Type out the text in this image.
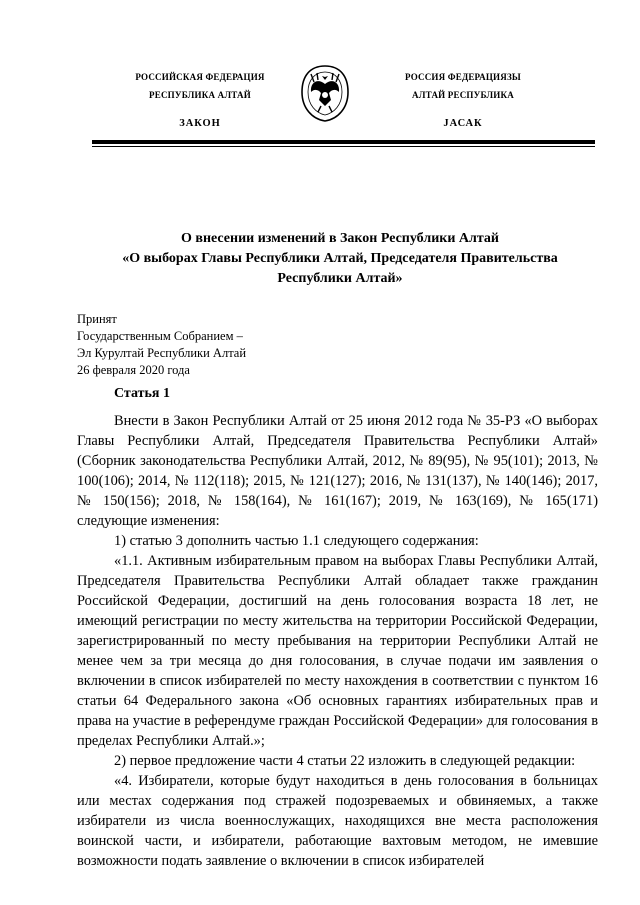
РОССИЙСКАЯ ФЕДЕРАЦИЯ
РЕСПУБЛИКА АЛТАЙ
ЗАКОН
РОССИЯ ФЕДЕРАЦИЯЗЫ
АЛТАЙ РЕСПУБЛИКА
JАСАК
О внесении изменений в Закон Республики Алтай
«О выборах Главы Республики Алтай, Председателя Правительства
Республики Алтай»
Принят
Государственным Собранием –
Эл Курултай Республики Алтай
26 февраля 2020 года
Статья 1

Внести в Закон Республики Алтай от 25 июня 2012 года № 35-РЗ «О выборах Главы Республики Алтай, Председателя Правительства Республики Алтай» (Сборник законодательства Республики Алтай, 2012, № 89(95), № 95(101); 2013, № 100(106); 2014, № 112(118); 2015, № 121(127); 2016, № 131(137), № 140(146); 2017, № 150(156); 2018, № 158(164), № 161(167); 2019, № 163(169), № 165(171) следующие изменения:

1) статью 3 дополнить частью 1.1 следующего содержания:

«1.1. Активным избирательным правом на выборах Главы Республики Алтай, Председателя Правительства Республики Алтай обладает также гражданин Российской Федерации, достигший на день голосования возраста 18 лет, не имеющий регистрации по месту жительства на территории Российской Федерации, зарегистрированный по месту пребывания на территории Республики Алтай не менее чем за три месяца до дня голосования, в случае подачи им заявления о включении в список избирателей по месту нахождения в соответствии с пунктом 16 статьи 64 Федерального закона «Об основных гарантиях избирательных прав и права на участие в референдуме граждан Российской Федерации» для голосования в пределах Республики Алтай.»;

2) первое предложение части 4 статьи 22 изложить в следующей редакции:

«4. Избиратели, которые будут находиться в день голосования в больницах или местах содержания под стражей подозреваемых и обвиняемых, а также избиратели из числа военнослужащих, находящихся вне места расположения воинской части, и избиратели, работающие вахтовым методом, не имевшие возможности подать заявление о включении в список избирателей
